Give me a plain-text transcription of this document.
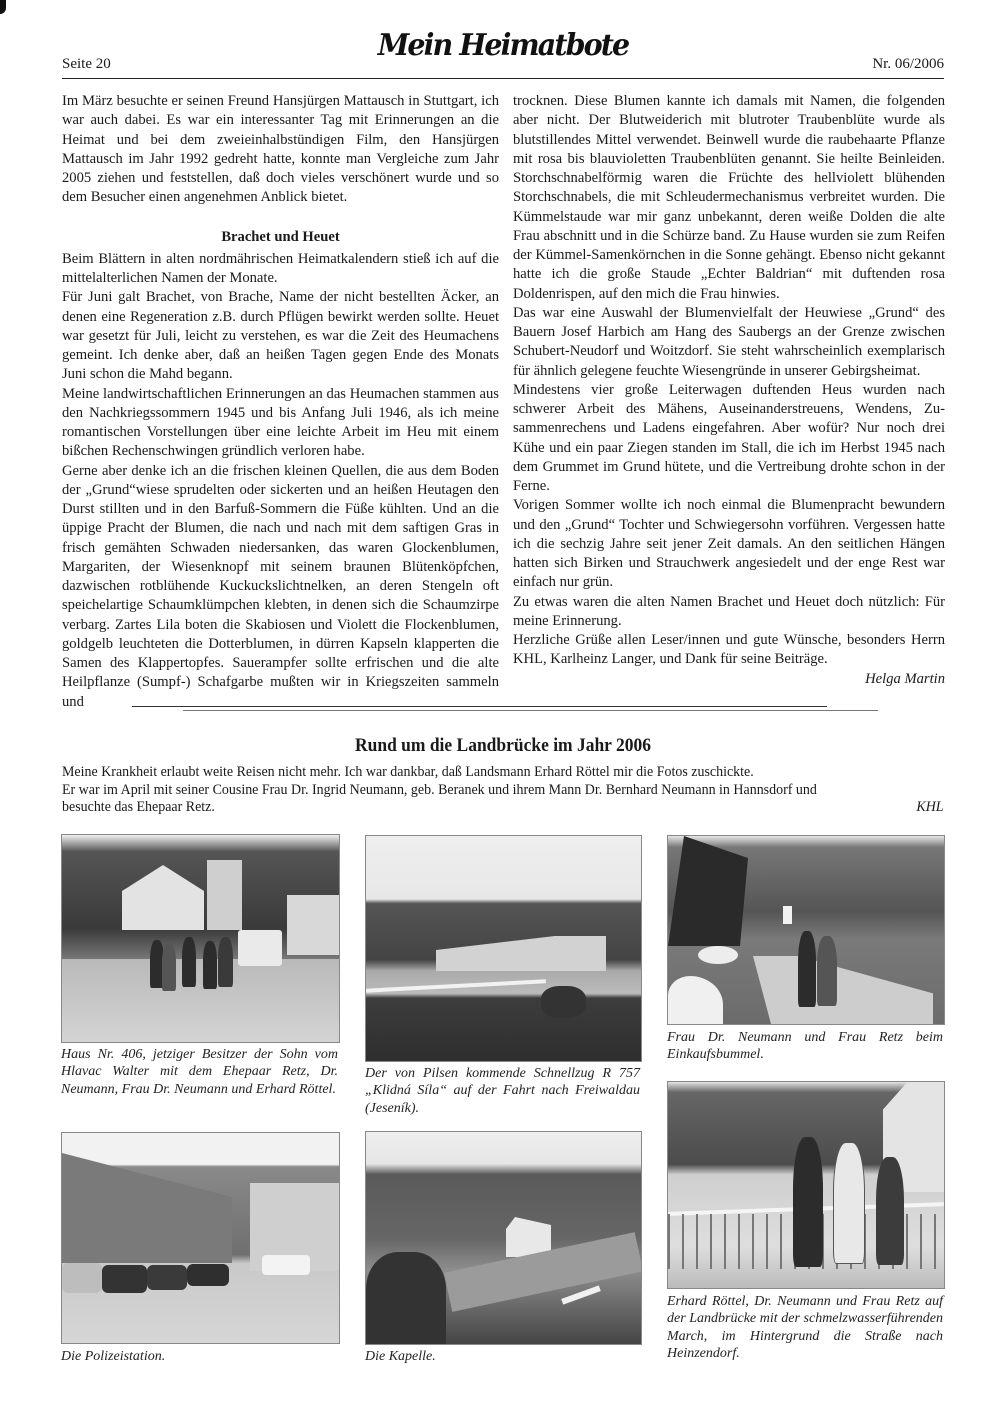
Seite 20
Mein Heimatbote
Nr. 06/2006

Im März besuchte er seinen Freund Hansjürgen Mattausch in Stuttgart, ich war auch dabei. Es war ein interessanter Tag mit Erinnerungen an die Heimat und bei dem zweieinhalbstündigen Film, den Hansjürgen Mattausch im Jahr 1992 gedreht hatte, konnte man Vergleiche zum Jahr 2005 ziehen und feststellen, daß doch vieles verschönert wurde und so dem Besucher einen angenehmen Anblick bietet.

Brachet und Heuet

Beim Blättern in alten nordmährischen Heimatkalendern stieß ich auf die mittelalterlichen Namen der Monate.

Für Juni galt Brachet, von Brache, Name der nicht bestellten Äcker, an denen eine Regeneration z.B. durch Pflügen bewirkt werden sollte. Heuet war gesetzt für Juli, leicht zu verstehen, es war die Zeit des Heumachens gemeint. Ich denke aber, daß an heißen Tagen gegen Ende des Monats Juni schon die Mahd begann.

Meine landwirtschaftlichen Erinnerungen an das Heumachen stammen aus den Nachkriegssommern 1945 und bis Anfang Juli 1946, als ich meine romantischen Vorstellungen über eine leichte Arbeit im Heu mit einem bißchen Rechenschwingen gründlich verloren habe.

Gerne aber denke ich an die frischen kleinen Quellen, die aus dem Boden der „Grund“wiese sprudelten oder sickerten und an heißen Heutagen den Durst stillten und in den Barfuß-Sommern die Füße kühlten. Und an die üppige Pracht der Blumen, die nach und nach mit dem saftigen Gras in frisch gemähten Schwaden niedersanken, das waren Glockenblumen, Margariten, der Wiesenknopf mit seinem braunen Blütenköpfchen, dazwischen rotblühende Kuckuckslichtnelken, an deren Stengeln oft speichelartige Schaumklümpchen klebten, in denen sich die Schaumzirpe verbarg. Zartes Lila boten die Skabiosen und Violett die Flockenblumen, goldgelb leuchteten die Dotterblumen, in dürren Kapseln klapperten die Samen des Klappertopfes. Sauerampfer sollte erfrischen und die alte Heilpflanze (Sumpf-) Schafgarbe mußten wir in Kriegszeiten sammeln und

trocknen. Diese Blumen kannte ich damals mit Namen, die folgenden aber nicht. Der Blutweiderich mit blutroter Traubenblüte wurde als blutstillendes Mittel verwendet. Beinwell wurde die raubehaarte Pflanze mit rosa bis blauvioletten Traubenblüten genannt. Sie heilte Beinleiden. Storchschnabelförmig waren die Früchte des hellviolett blühenden Storchschnabels, die mit Schleudermechanismus verbreitet wurden. Die Kümmelstaude war mir ganz unbekannt, deren weiße Dolden die alte Frau abschnitt und in die Schürze band. Zu Hause wurden sie zum Reifen der Kümmel-Samenkörnchen in die Sonne gehängt. Ebenso nicht gekannt hatte ich die große Staude „Echter Baldrian“ mit duftenden rosa Doldenrispen, auf den mich die Frau hinwies.

Das war eine Auswahl der Blumenvielfalt der Heuwiese „Grund“ des Bauern Josef Harbich am Hang des Saubergs an der Grenze zwischen Schubert-Neudorf und Woitzdorf. Sie steht wahrscheinlich exemplarisch für ähnlich gelegene feuchte Wiesengründe in unserer Gebirgsheimat.

Mindestens vier große Leiterwagen duftenden Heus wurden nach schwerer Arbeit des Mähens, Auseinanderstreuens, Wendens, Zusammenrechens und Ladens eingefahren. Aber wofür? Nur noch drei Kühe und ein paar Ziegen standen im Stall, die ich im Herbst 1945 nach dem Grummet im Grund hütete, und die Vertreibung drohte schon in der Ferne.

Vorigen Sommer wollte ich noch einmal die Blumenpracht bewundern und den „Grund“ Tochter und Schwiegersohn vorführen. Vergessen hatte ich die sechzig Jahre seit jener Zeit damals. An den seitlichen Hängen hatten sich Birken und Strauchwerk angesiedelt und der enge Rest war einfach nur grün.

Zu etwas waren die alten Namen Brachet und Heuet doch nützlich: Für meine Erinnerung.

Herzliche Grüße allen Leser/innen und gute Wünsche, besonders Herrn KHL, Karlheinz Langer, und Dank für seine Beiträge.

Helga Martin

Rund um die Landbrücke im Jahr 2006
Meine Krankheit erlaubt weite Reisen nicht mehr. Ich war dankbar, daß Landsmann Erhard Röttel mir die Fotos zuschickte.
Er war im April mit seiner Cousine Frau Dr. Ingrid Neumann, geb. Beranek und ihrem Mann Dr. Bernhard Neumann in Hannsdorf und
besuchte das Ehepaar Retz.	KHL
Haus Nr. 406, jetziger Besitzer der Sohn vom Hlavac Walter mit dem Ehepaar Retz, Dr. Neumann, Frau Dr. Neumann und Erhard Röttel.
Der von Pilsen kommende Schnellzug R 757 „Klidná Síla“ auf der Fahrt nach Freiwaldau (Jeseník).
Frau Dr. Neumann und Frau Retz beim Einkaufsbummel.
Die Polizeistation.	Die Kapelle.
Erhard Röttel, Dr. Neumann und Frau Retz auf der Landbrücke mit der schmelzwasserführenden March, im Hintergrund die Straße nach Heinzendorf.
